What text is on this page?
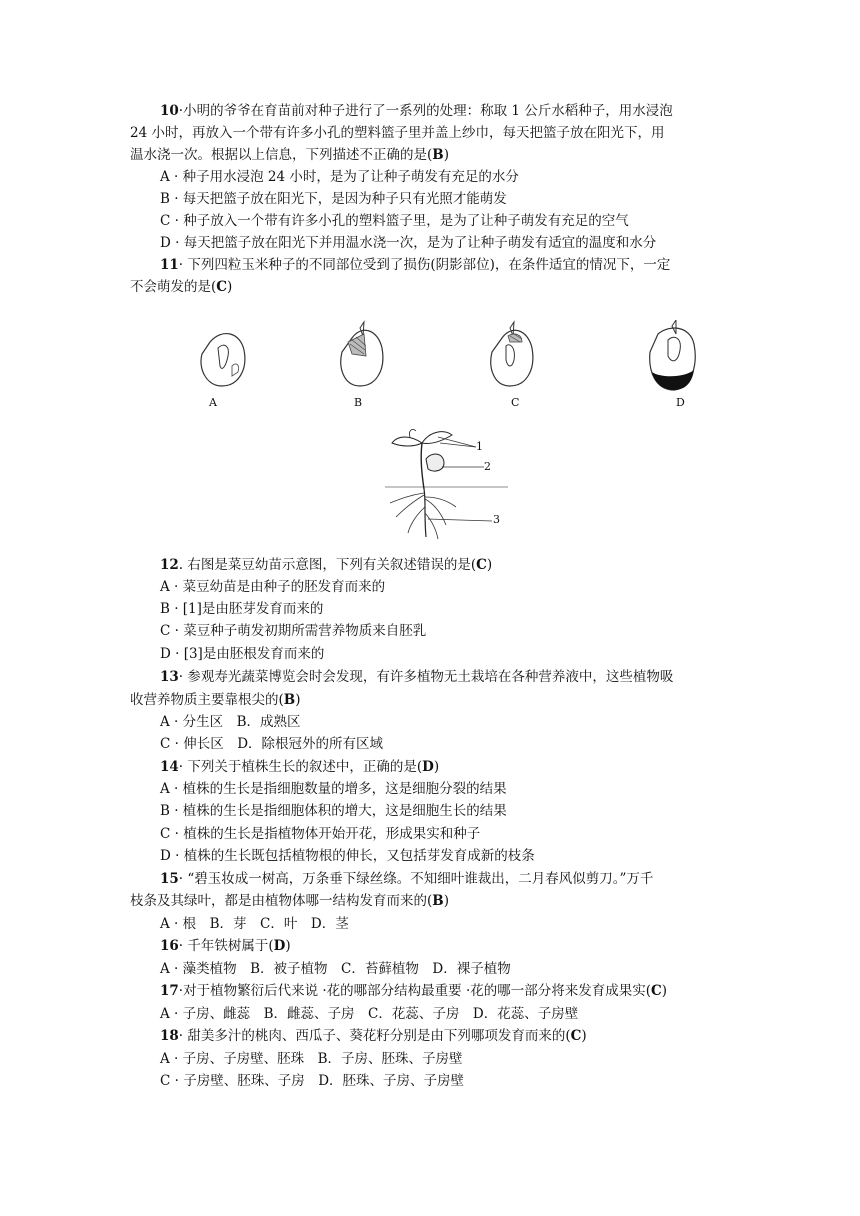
10·小明的爷爷在育苗前对种子进行了一系列的处理：称取 1 公斤水稻种子，用水浸泡
24 小时，再放入一个带有许多小孔的塑料篮子里并盖上纱巾，每天把篮子放在阳光下，用
温水浇一次。根据以上信息，下列描述不正确的是(B)
A · 种子用水浸泡 24 小时，是为了让种子萌发有充足的水分
B · 每天把篮子放在阳光下，是因为种子只有光照才能萌发
C · 种子放入一个带有许多小孔的塑料篮子里，是为了让种子萌发有充足的空气
D · 每天把篮子放在阳光下并用温水浇一次，是为了让种子萌发有适宜的温度和水分
11· 下列四粒玉米种子的不同部位受到了损伤(阴影部位)，在条件适宜的情况下，一定
不会萌发的是(C)
A	B	C	D
1
2
3
12. 右图是菜豆幼苗示意图，下列有关叙述错误的是(C)
A · 菜豆幼苗是由种子的胚发育而来的
B · [1]是由胚芽发育而来的
C · 菜豆种子萌发初期所需营养物质来自胚乳
D · [3]是由胚根发育而来的
13· 参观寿光蔬菜博览会时会发现，有许多植物无土栽培在各种营养液中，这些植物吸
收营养物质主要靠根尖的(B)
A · 分生区　B．成熟区
C · 伸长区　D．除根冠外的所有区域
14· 下列关于植株生长的叙述中，正确的是(D)
A · 植株的生长是指细胞数量的增多，这是细胞分裂的结果
B · 植株的生长是指细胞体积的增大，这是细胞生长的结果
C · 植株的生长是指植物体开始开花，形成果实和种子
D · 植株的生长既包括植物根的伸长，又包括芽发育成新的枝条
15· “碧玉妆成一树高，万条垂下绿丝绦。不知细叶谁裁出，二月春风似剪刀。”万千
枝条及其绿叶，都是由植物体哪一结构发育而来的(B)
A · 根　B．芽　C．叶　D．茎
16· 千年铁树属于(D)
A · 藻类植物　B．被子植物　C．苔藓植物　D．裸子植物
17·对于植物繁衍后代来说 ·花的哪部分结构最重要 ·花的哪一部分将来发育成果实(C)
A · 子房、雌蕊　B．雌蕊、子房　C．花蕊、子房　D．花蕊、子房壁
18· 甜美多汁的桃肉、西瓜子、葵花籽分别是由下列哪项发育而来的(C)
A · 子房、子房壁、胚珠　B．子房、胚珠、子房壁
C · 子房壁、胚珠、子房　D．胚珠、子房、子房壁
